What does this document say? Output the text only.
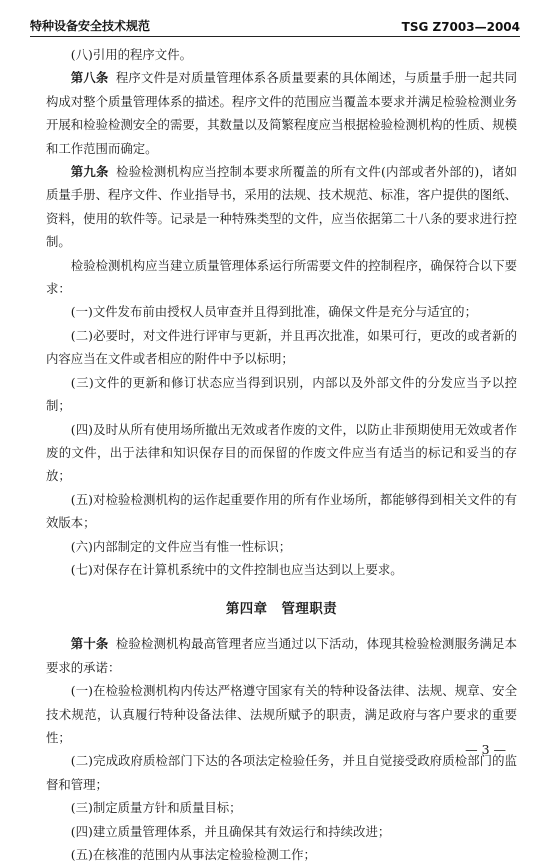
特种设备安全技术规范	TSG Z7003—2004

(八)引用的程序文件。

第八条 程序文件是对质量管理体系各质量要素的具体阐述，与质量手册一起共同构成对整个质量管理体系的描述。程序文件的范围应当覆盖本要求并满足检验检测业务开展和检验检测安全的需要，其数量以及简繁程度应当根据检验检测机构的性质、规模和工作范围而确定。

第九条 检验检测机构应当控制本要求所覆盖的所有文件(内部或者外部的)，诸如质量手册、程序文件、作业指导书，采用的法规、技术规范、标准，客户提供的图纸、资料，使用的软件等。记录是一种特殊类型的文件，应当依据第二十八条的要求进行控制。

检验检测机构应当建立质量管理体系运行所需要文件的控制程序，确保符合以下要求：

(一)文件发布前由授权人员审查并且得到批准，确保文件是充分与适宜的；

(二)必要时，对文件进行评审与更新，并且再次批准，如果可行，更改的或者新的内容应当在文件或者相应的附件中予以标明；

(三)文件的更新和修订状态应当得到识别，内部以及外部文件的分发应当予以控制；

(四)及时从所有使用场所撤出无效或者作废的文件，以防止非预期使用无效或者作废的文件，出于法律和知识保存目的而保留的作废文件应当有适当的标记和妥当的存放；

(五)对检验检测机构的运作起重要作用的所有作业场所，都能够得到相关文件的有效版本；

(六)内部制定的文件应当有惟一性标识；

(七)对保存在计算机系统中的文件控制也应当达到以上要求。

第四章 管理职责

第十条 检验检测机构最高管理者应当通过以下活动，体现其检验检测服务满足本要求的承诺：

(一)在检验检测机构内传达严格遵守国家有关的特种设备法律、法规、规章、安全技术规范，认真履行特种设备法律、法规所赋予的职责，满足政府与客户要求的重要性；

(二)完成政府质检部门下达的各项法定检验任务，并且自觉接受政府质检部门的监督和管理；

(三)制定质量方针和质量目标；

(四)建立质量管理体系，并且确保其有效运行和持续改进；

(五)在核准的范围内从事法定检验检测工作；

— 3 —
